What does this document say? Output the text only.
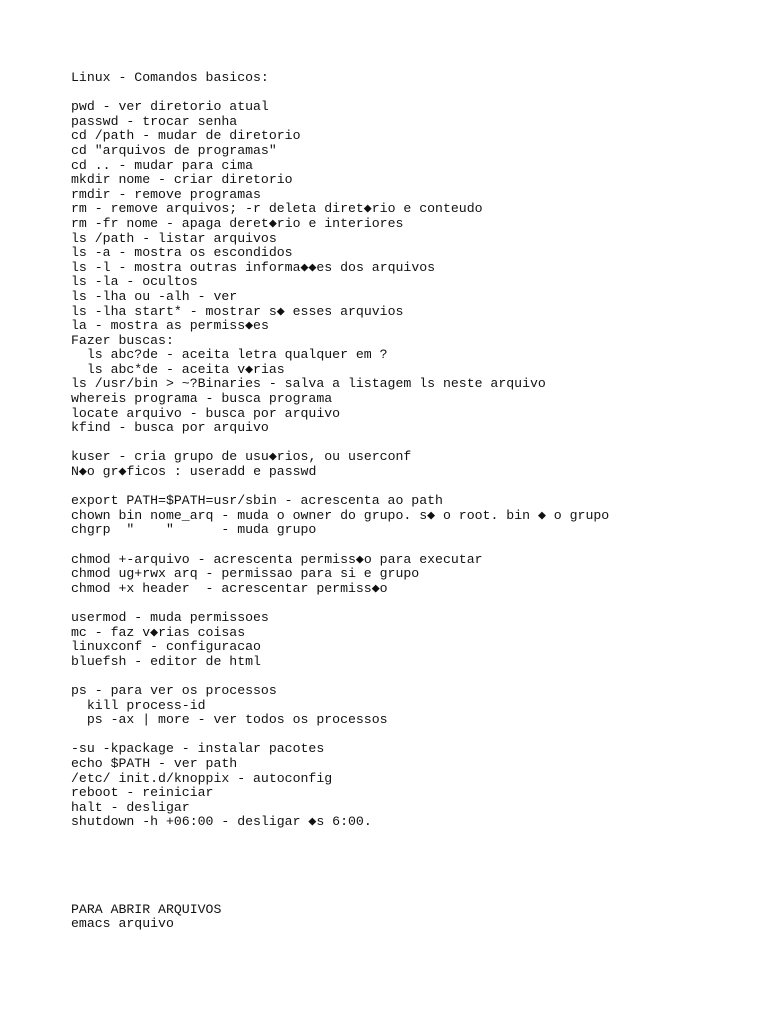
Linux - Comandos basicos:
pwd - ver diretorio atual
passwd - trocar senha
cd /path - mudar de diretorio
cd "arquivos de programas"
cd .. - mudar para cima
mkdir nome - criar diretorio
rmdir - remove programas
rm - remove arquivos; -r deleta diret◆rio e conteudo
rm -fr nome - apaga deret◆rio e interiores
ls /path - listar arquivos
ls -a - mostra os escondidos
ls -l - mostra outras informa◆◆es dos arquivos
ls -la - ocultos
ls -lha ou -alh - ver
ls -lha start* - mostrar s◆ esses arquvios
la - mostra as permiss◆es
Fazer buscas:
ls abc?de - aceita letra qualquer em ?
ls abc*de - aceita v◆rias
ls /usr/bin > ~?Binaries - salva a listagem ls neste arquivo
whereis programa - busca programa
locate arquivo - busca por arquivo
kfind - busca por arquivo
kuser - cria grupo de usu◆rios, ou userconf
N◆o gr◆ficos : useradd e passwd
export PATH=$PATH=usr/sbin - acrescenta ao path
chown bin nome_arq - muda o owner do grupo. s◆ o root. bin ◆ o grupo
chgrp  "    "      - muda grupo
chmod +-arquivo - acrescenta permiss◆o para executar
chmod ug+rwx arq - permissao para si e grupo
chmod +x header  - acrescentar permiss◆o
usermod - muda permissoes
mc - faz v◆rias coisas
linuxconf - configuracao
bluefsh - editor de html
ps - para ver os processos
kill process-id
ps -ax | more - ver todos os processos
-su -kpackage - instalar pacotes
echo $PATH - ver path
/etc/ init.d/knoppix - autoconfig
reboot - reiniciar
halt - desligar
shutdown -h +06:00 - desligar ◆s 6:00.
PARA ABRIR ARQUIVOS
emacs arquivo
